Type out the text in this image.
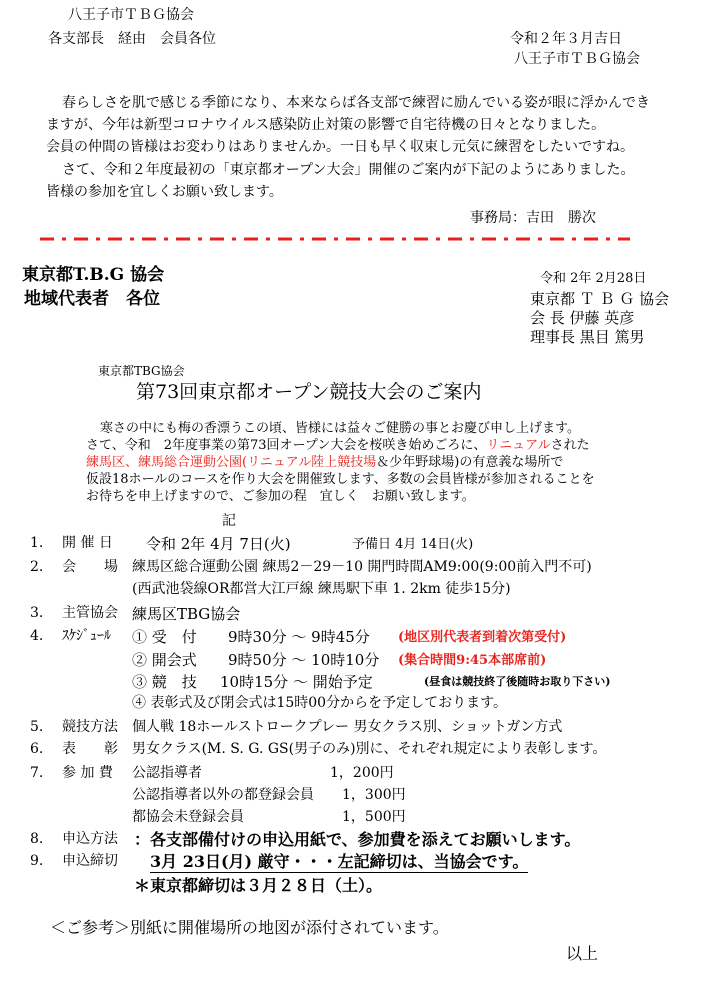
八王子市ＴＢＧ協会
各支部長　経由　会員各位	令和２年３月吉日
八王子市ＴＢＧ協会
春らしさを肌で感じる季節になり、本来ならば各支部で練習に励んでいる姿が眼に浮かんでき
ますが、今年は新型コロナウイルス感染防止対策の影響で自宅待機の日々となりました。
会員の仲間の皆様はお変わりはありませんか。一日も早く収束し元気に練習をしたいですね。
さて、令和２年度最初の「東京都オープン大会」開催のご案内が下記のようにありました。
皆様の参加を宜しくお願い致します。
事務局：吉田　勝次
東京都T.B.G 協会
地域代表者　各位
令和 2年 2月28日
東京都 Ｔ Ｂ Ｇ 協会
会 長 伊藤 英彦
理事長 黒目 篤男
東京都TBG協会
第73回東京都オープン競技大会のご案内
寒さの中にも梅の香漂うこの頃、皆様には益々ご健勝の事とお慶び申し上げます。
さて、令和　2年度事業の第73回オープン大会を桜咲き始めごろに、リニュアルされた
練馬区、練馬総合運動公園(リニュアル陸上競技場＆少年野球場)の有意義な場所で
仮設18ホールのコースを作り大会を開催致します、多数の会員皆様が参加されることを
お待ちを申上げますので、ご参加の程　宜しく　お願い致します。
記
1. 開 催 日 令和 2年 4月 7日(火)	予備日 4月 14日(火)
2. 会　　場 練馬区総合運動公園 練馬2－29－10 開門時間AM9:00(9:00前入門不可)
(西武池袋線OR都営大江戸線 練馬駅下車 1. 2km 徒歩15分)
3. 主管協会 練馬区TBG協会
4. ｽｹｼﾞｭｰﾙ ① 受　付 9時30分 ～ 9時45分 (地区別代表者到着次第受付)
② 開会式 9時50分 ～ 10時10分 (集合時間9:45本部席前)
③ 競　技 10時15分 ～ 開始予定	(昼食は競技終了後随時お取り下さい)
④ 表彰式及び閉会式は15時00分からを予定しております。
5. 競技方法 個人戦 18ホールストロークプレー 男女クラス別、ショットガン方式
6. 表　　彰 男女クラス(M. S. G. GS(男子のみ)別に、それぞれ規定により表彰します。
7. 参 加 費 公認指導者	1，200円
公認指導者以外の都登録会員 1，300円
都協会未登録会員	1，500円
8. 申込方法 ：各支部備付けの申込用紙で、参加費を添えてお願いします。
9. 申込締切 3月 23日(月) 厳守・・・左記締切は、当協会です。
＊東京都締切は３月２８日（土）。
＜ご参考＞別紙に開催場所の地図が添付されています。
以上
